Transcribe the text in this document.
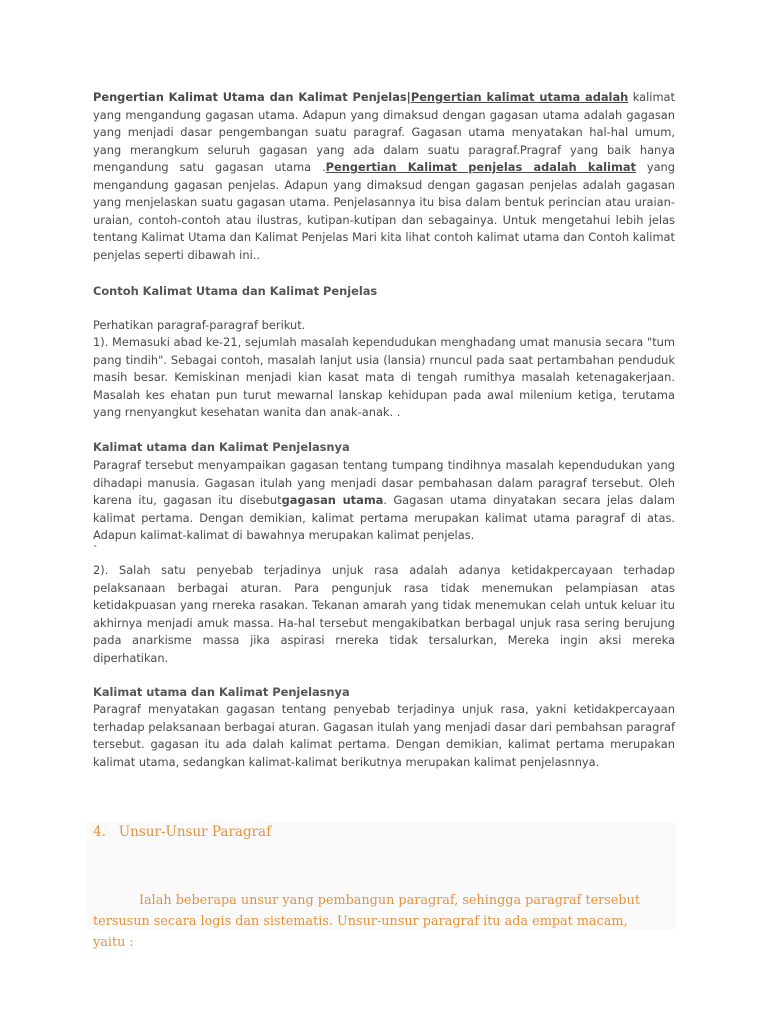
Pengertian Kalimat Utama dan Kalimat Penjelas|Pengertian kalimat utama adalah kalimat yang mengandung gagasan utama. Adapun yang dimaksud dengan gagasan utama adalah gagasan yang menjadi dasar pengembangan suatu paragraf. Gagasan utama menyatakan hal-hal umum, yang merangkum seluruh gagasan yang ada dalam suatu paragraf.Pragraf yang baik hanya mengandung satu gagasan utama .Pengertian Kalimat penjelas adalah kalimat yang mengandung gagasan penjelas. Adapun yang dimaksud dengan gagasan penjelas adalah gagasan yang menjelaskan suatu gagasan utama. Penjelasannya itu bisa dalam bentuk perincian atau uraian-uraian, contoh-contoh atau ilustras, kutipan-kutipan dan sebagainya. Untuk mengetahui lebih jelas tentang Kalimat Utama dan Kalimat Penjelas Mari kita lihat contoh kalimat utama dan Contoh kalimat penjelas seperti dibawah ini..

Contoh Kalimat Utama dan Kalimat Penjelas

Perhatikan paragraf-paragraf berikut.

1). Memasuki abad ke-21, sejumlah masalah kependudukan menghadang umat manusia secara "tum pang tindih". Sebagai contoh, masalah lanjut usia (lansia) rnuncul pada saat pertambahan penduduk masih besar. Kemiskinan menjadi kian kasat mata di tengah rumithya masalah ketenagakerjaan. Masalah kes ehatan pun turut mewarnal lanskap kehidupan pada awal milenium ketiga, terutama yang rnenyangkut kesehatan wanita dan anak-anak. .

Kalimat utama dan Kalimat Penjelasnya

Paragraf tersebut menyampaikan gagasan tentang tumpang tindihnya masalah kependudukan yang dihadapi manusia. Gagasan itulah yang menjadi dasar pembahasan dalam paragraf tersebut. Oleh karena itu, gagasan itu disebutgagasan utama. Gagasan utama dinyatakan secara jelas dalam kalimat pertama. Dengan demikian, kalimat pertama merupakan kalimat utama paragraf di atas. Adapun kalimat-kalimat di bawahnya merupakan kalimat penjelas.

`

2). Salah satu penyebab terjadinya unjuk rasa adalah adanya ketidakpercayaan terhadap pelaksanaan berbagai aturan. Para pengunjuk rasa tidak menemukan pelampiasan atas ketidakpuasan yang rnereka rasakan. Tekanan amarah yang tidak menemukan celah untuk keluar itu akhirnya menjadi amuk massa. Ha-hal tersebut mengakibatkan berbagal unjuk rasa sering berujung pada anarkisme massa jika aspirasi rnereka tidak tersalurkan, Mereka ingin aksi mereka diperhatikan.

Kalimat utama dan Kalimat Penjelasnya

Paragraf menyatakan gagasan tentang penyebab terjadinya unjuk rasa, yakni ketidakpercayaan terhadap pelaksanaan berbagai aturan. Gagasan itulah yang menjadi dasar dari pembahsan paragraf tersebut. gagasan itu ada dalah kalimat pertama. Dengan demikian, kalimat pertama merupakan kalimat utama, sedangkan kalimat-kalimat berikutnya merupakan kalimat penjelasnnya.

4. Unsur-Unsur Paragraf

Ialah beberapa unsur yang pembangun paragraf, sehingga paragraf tersebut tersusun secara logis dan sistematis. Unsur-unsur paragraf itu ada empat macam, yaitu :
